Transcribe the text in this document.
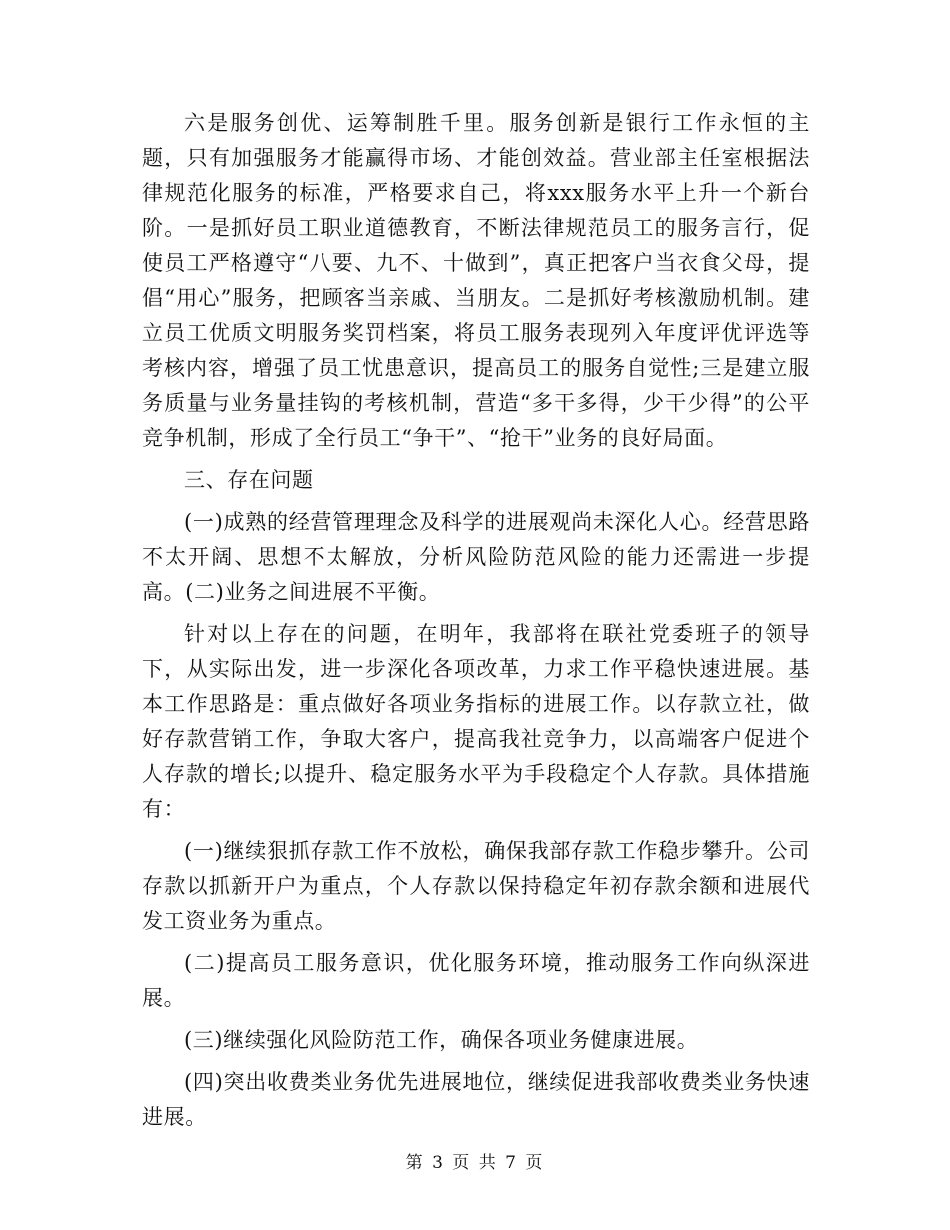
六是服务创优、运筹制胜千里。服务创新是银行工作永恒的主题，只有加强服务才能赢得市场、才能创效益。营业部主任室根据法律规范化服务的标准，严格要求自己，将xxx服务水平上升一个新台阶。一是抓好员工职业道德教育，不断法律规范员工的服务言行，促使员工严格遵守“八要、九不、十做到”，真正把客户当衣食父母，提倡“用心”服务，把顾客当亲戚、当朋友。二是抓好考核激励机制。建立员工优质文明服务奖罚档案，将员工服务表现列入年度评优评选等考核内容，增强了员工忧患意识，提高员工的服务自觉性;三是建立服务质量与业务量挂钩的考核机制，营造“多干多得，少干少得”的公平竞争机制，形成了全行员工“争干”、“抢干”业务的良好局面。

三、存在问题

(一)成熟的经营管理理念及科学的进展观尚未深化人心。经营思路不太开阔、思想不太解放，分析风险防范风险的能力还需进一步提高。(二)业务之间进展不平衡。

针对以上存在的问题，在明年，我部将在联社党委班子的领导下，从实际出发，进一步深化各项改革，力求工作平稳快速进展。基本工作思路是：重点做好各项业务指标的进展工作。以存款立社，做好存款营销工作，争取大客户，提高我社竞争力，以高端客户促进个人存款的增长;以提升、稳定服务水平为手段稳定个人存款。具体措施有：

(一)继续狠抓存款工作不放松，确保我部存款工作稳步攀升。公司存款以抓新开户为重点，个人存款以保持稳定年初存款余额和进展代发工资业务为重点。

(二)提高员工服务意识，优化服务环境，推动服务工作向纵深进展。

(三)继续强化风险防范工作，确保各项业务健康进展。

(四)突出收费类业务优先进展地位，继续促进我部收费类业务快速进展。

第 3 页 共 7 页
